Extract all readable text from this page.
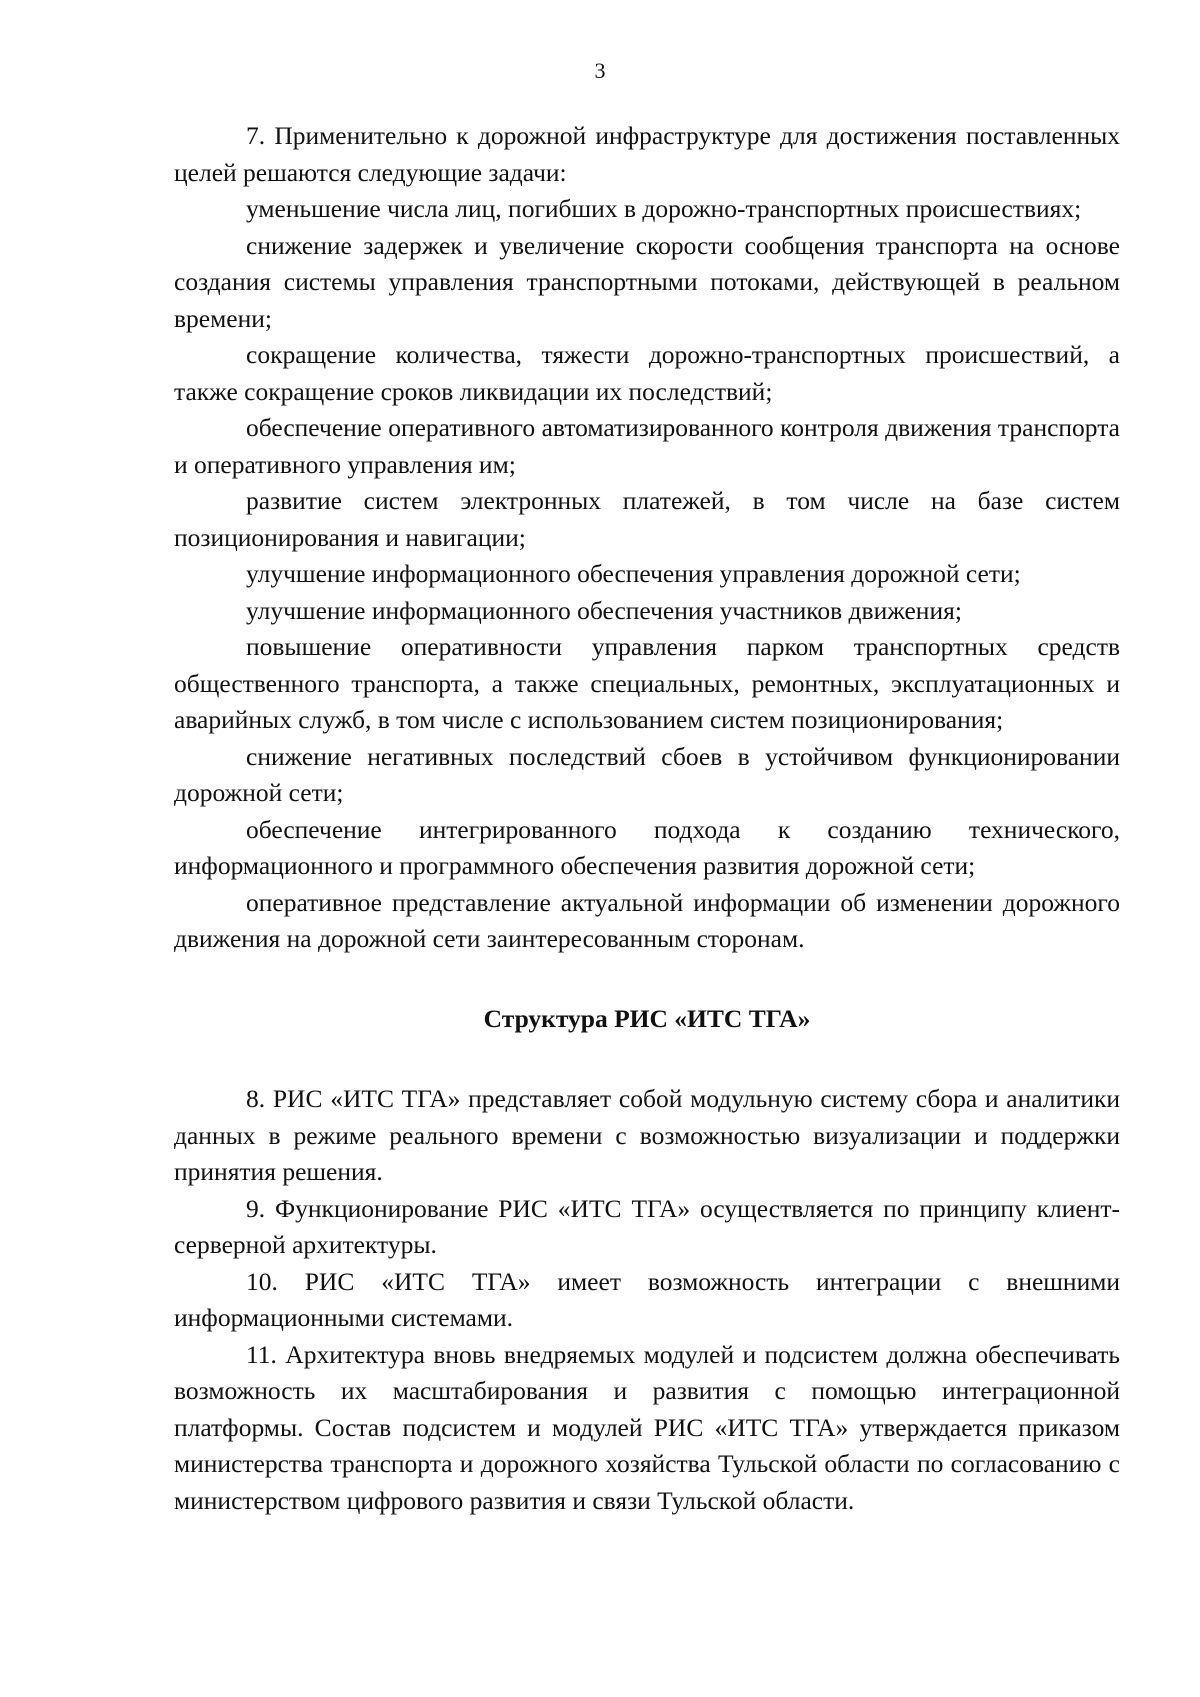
3

7. Применительно к дорожной инфраструктуре для достижения поставленных целей решаются следующие задачи:

уменьшение числа лиц, погибших в дорожно-транспортных происшествиях;

снижение задержек и увеличение скорости сообщения транспорта на основе создания системы управления транспортными потоками, действующей в реальном времени;

сокращение количества, тяжести дорожно-транспортных происшествий, а также сокращение сроков ликвидации их последствий;

обеспечение оперативного автоматизированного контроля движения транспорта и оперативного управления им;

развитие систем электронных платежей, в том числе на базе систем позиционирования и навигации;

улучшение информационного обеспечения управления дорожной сети;

улучшение информационного обеспечения участников движения;

повышение оперативности управления парком транспортных средств общественного транспорта, а также специальных, ремонтных, эксплуатационных и аварийных служб, в том числе с использованием систем позиционирования;

снижение негативных последствий сбоев в устойчивом функционировании дорожной сети;

обеспечение интегрированного подхода к созданию технического, информационного и программного обеспечения развития дорожной сети;

оперативное представление актуальной информации об изменении дорожного движения на дорожной сети заинтересованным сторонам.

Структура РИС «ИТС ТГА»

8. РИС «ИТС ТГА» представляет собой модульную систему сбора и аналитики данных в режиме реального времени с возможностью визуализации и поддержки принятия решения.

9. Функционирование РИС «ИТС ТГА» осуществляется по принципу клиент-серверной архитектуры.

10. РИС «ИТС ТГА» имеет возможность интеграции с внешними информационными системами.

11. Архитектура вновь внедряемых модулей и подсистем должна обеспечивать возможность их масштабирования и развития с помощью интеграционной платформы. Состав подсистем и модулей РИС «ИТС ТГА» утверждается приказом министерства транспорта и дорожного хозяйства Тульской области по согласованию с министерством цифрового развития и связи Тульской области.
